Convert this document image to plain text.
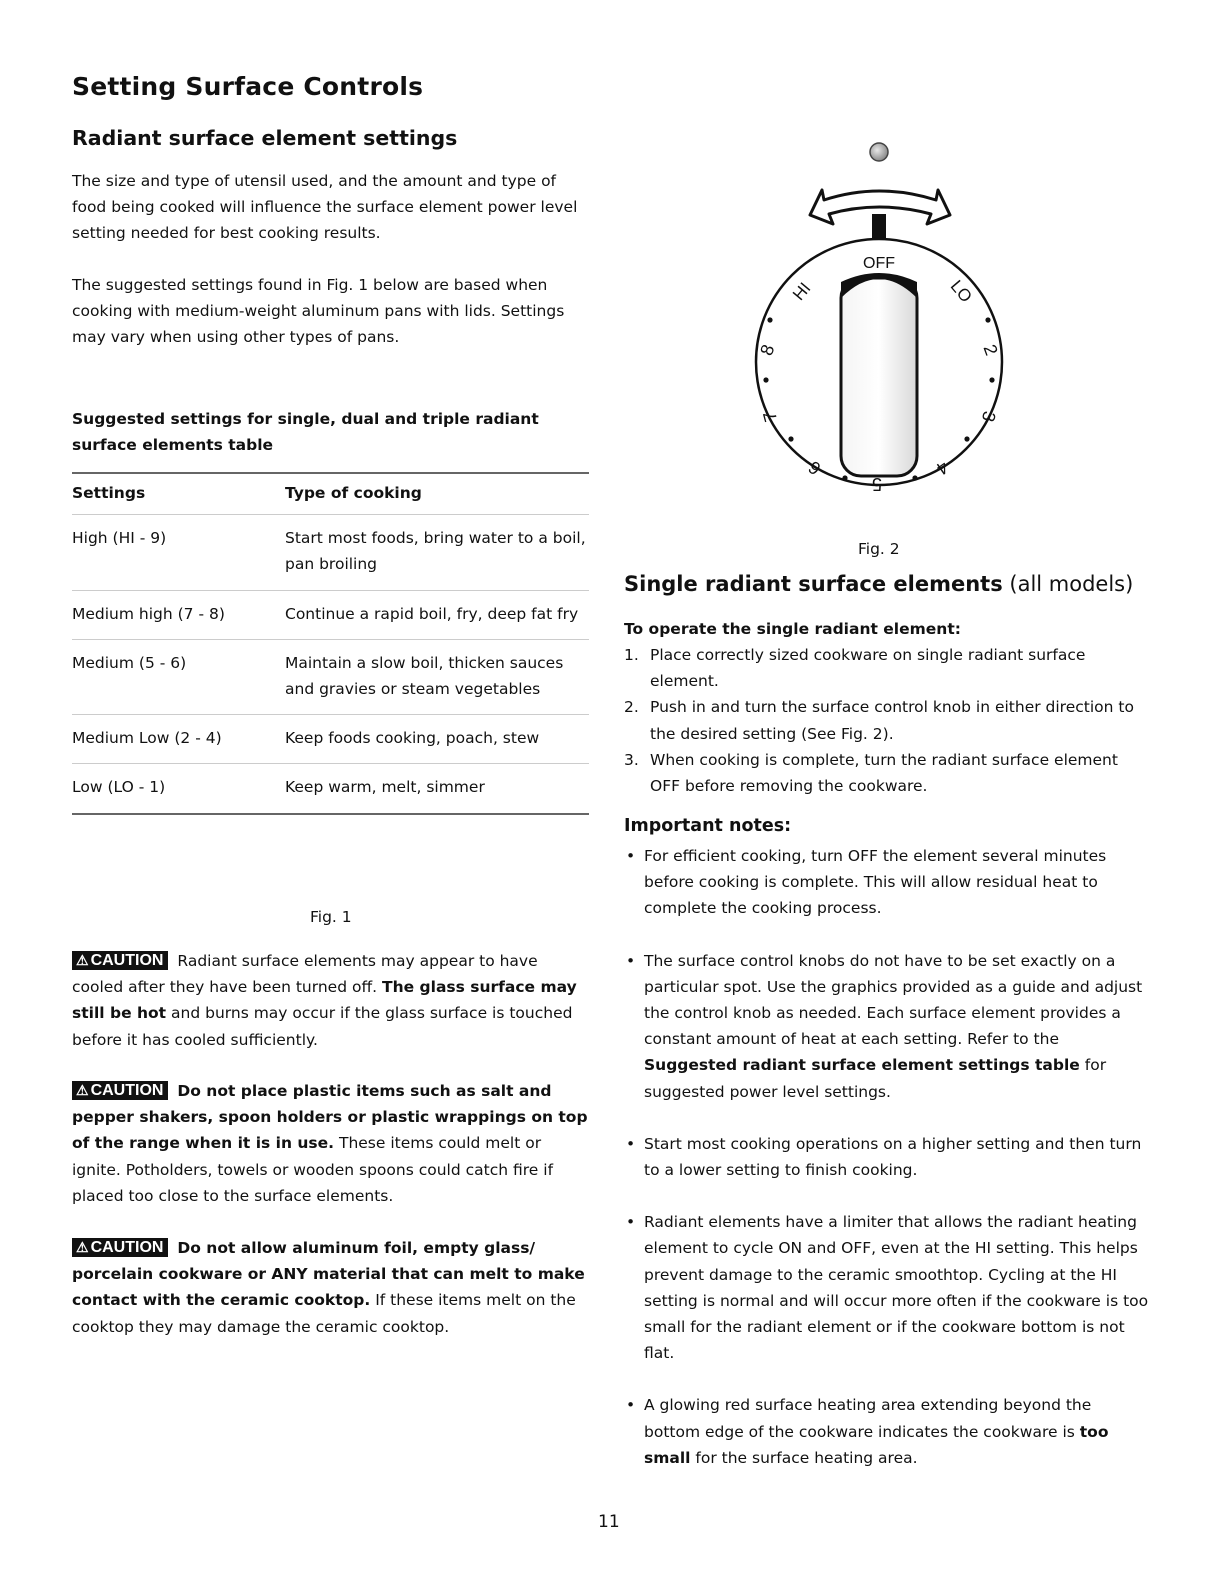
Setting Surface Controls
Radiant surface element settings
The size and type of utensil used, and the amount and type of food being cooked will influence the surface element power level setting needed for best cooking results.
The suggested settings found in Fig. 1 below are based when cooking with medium-weight aluminum pans with lids. Settings may vary when using other types of pans.
Suggested settings for single, dual and triple radiant surface elements table
Settings	Type of cooking
High (HI - 9)	Start most foods, bring water to a boil, pan broiling
Medium high (7 - 8)	Continue a rapid boil, fry, deep fat fry
Medium (5 - 6)	Maintain a slow boil, thicken sauces and gravies or steam vegetables
Medium Low (2 - 4)	Keep foods cooking, poach, stew
Low (LO - 1)	Keep warm, melt, simmer
Fig. 1
⚠ CAUTION Radiant surface elements may appear to have cooled after they have been turned off. The glass surface may still be hot and burns may occur if the glass surface is touched before it has cooled sufficiently.
⚠ CAUTION Do not place plastic items such as salt and pepper shakers, spoon holders or plastic wrappings on top of the range when it is in use. These items could melt or ignite. Potholders, towels or wooden spoons could catch fire if placed too close to the surface elements.
⚠ CAUTION Do not allow aluminum foil, empty glass/ porcelain cookware or ANY material that can melt to make contact with the ceramic cooktop. If these items melt on the cooktop they may damage the ceramic cooktop.
OFF
HI	LO
2
3
4
5
6
7
8
Fig. 2
Single radiant surface elements (all models)
To operate the single radiant element:
1. Place correctly sized cookware on single radiant surface element.
2. Push in and turn the surface control knob in either direction to the desired setting (See Fig. 2).
3. When cooking is complete, turn the radiant surface element OFF before removing the cookware.
Important notes:
• For efficient cooking, turn OFF the element several minutes before cooking is complete. This will allow residual heat to complete the cooking process.
• The surface control knobs do not have to be set exactly on a particular spot. Use the graphics provided as a guide and adjust the control knob as needed. Each surface element provides a constant amount of heat at each setting. Refer to the Suggested radiant surface element settings table for suggested power level settings.
• Start most cooking operations on a higher setting and then turn to a lower setting to finish cooking.
• Radiant elements have a limiter that allows the radiant heating element to cycle ON and OFF, even at the HI setting. This helps prevent damage to the ceramic smoothtop. Cycling at the HI setting is normal and will occur more often if the cookware is too small for the radiant element or if the cookware bottom is not flat.
• A glowing red surface heating area extending beyond the bottom edge of the cookware indicates the cookware is too small for the surface heating area.
11
